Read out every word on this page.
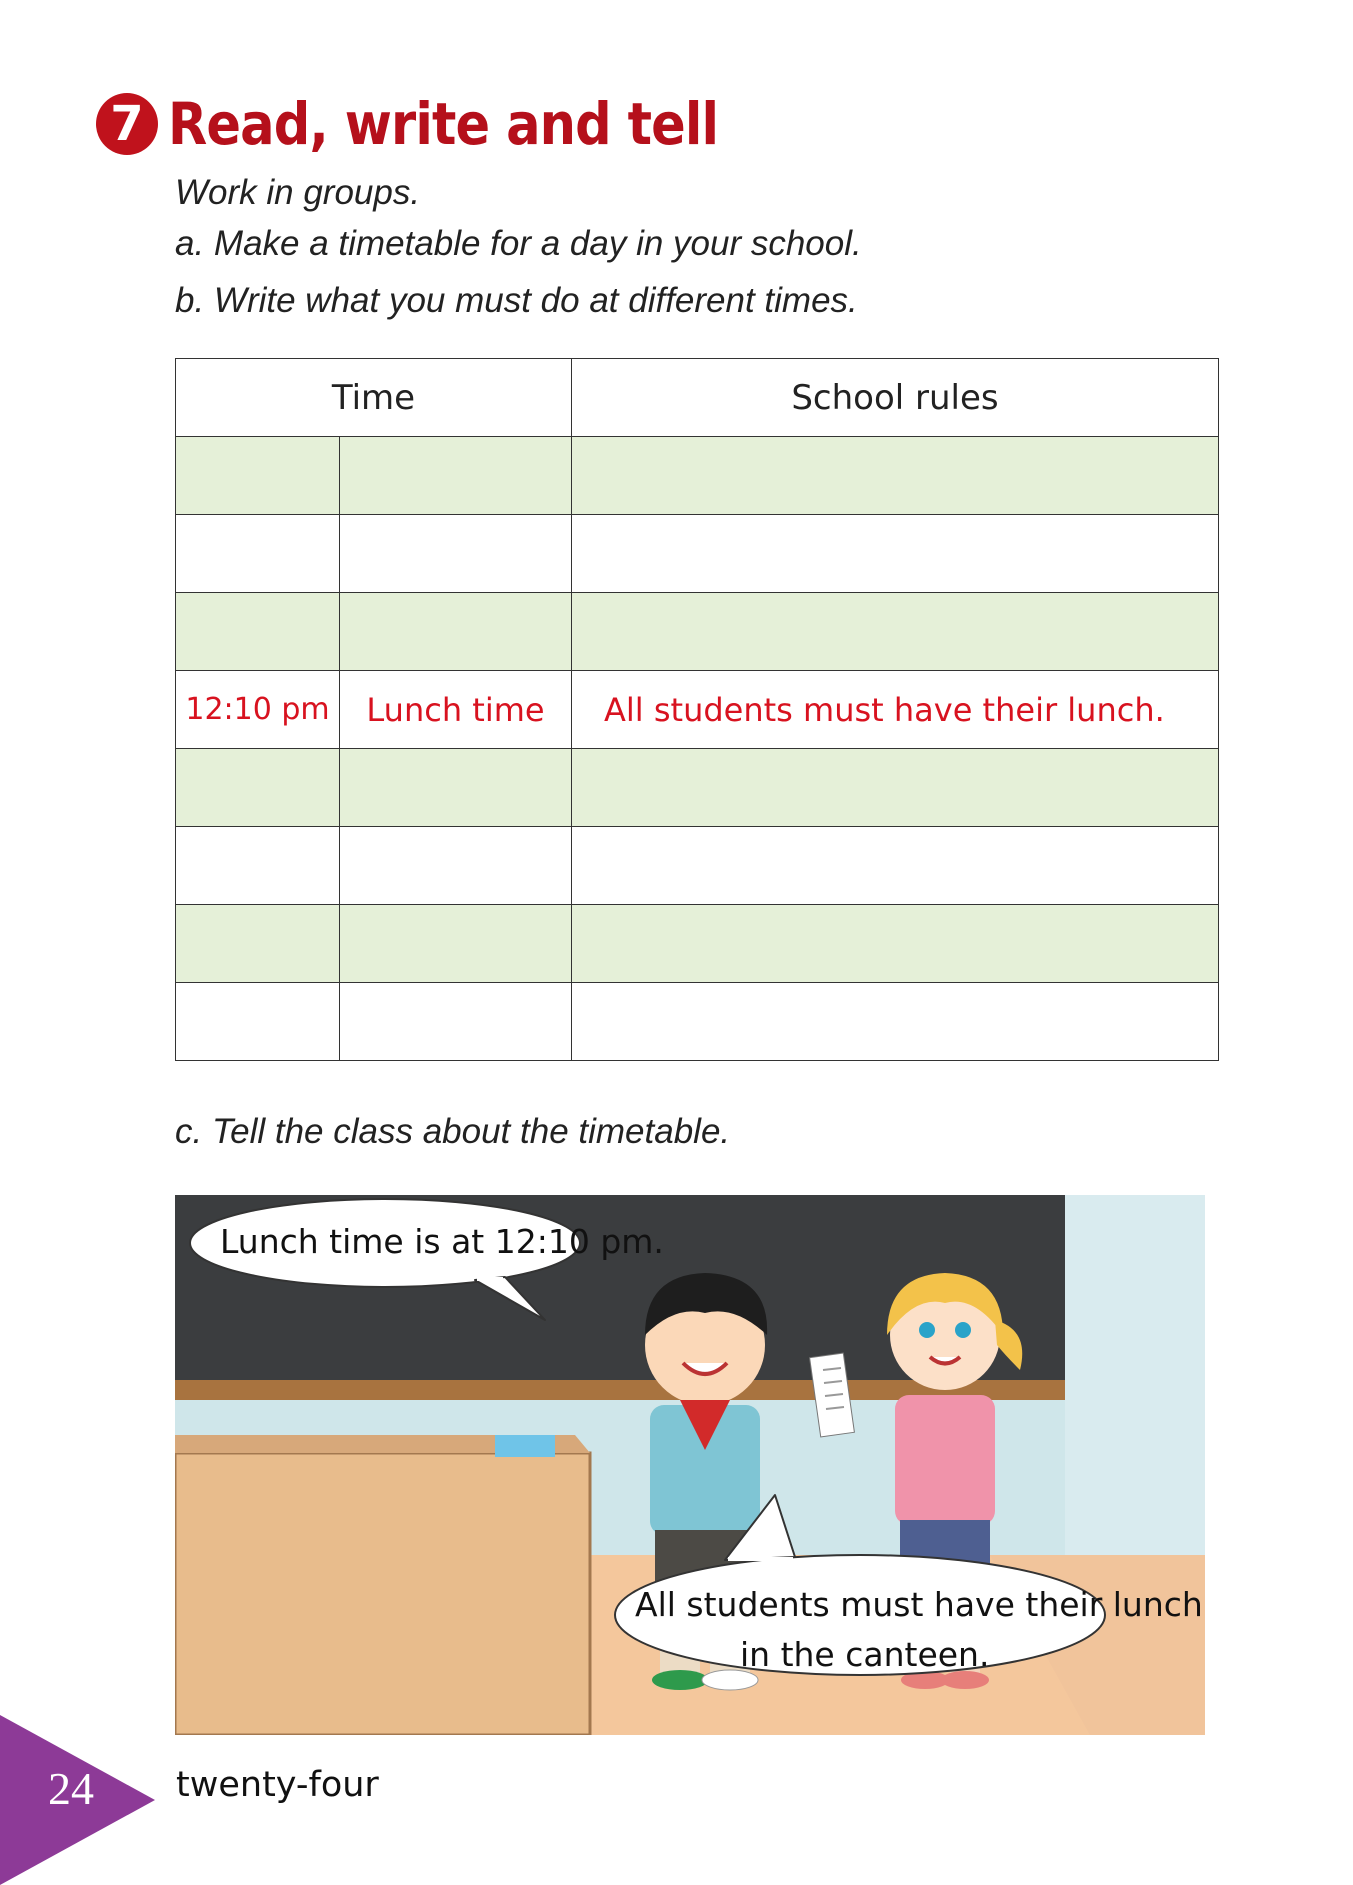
7 Read, write and tell
Work in groups.
a. Make a timetable for a day in your school.
b. Write what you must do at different times.
Time		School rules

12:10 pm	Lunch time	All students must have their lunch.

c. Tell the class about the timetable.
Lunch time is at 12:10 pm.
All students must have their lunch
in the canteen.
24 twenty-four
